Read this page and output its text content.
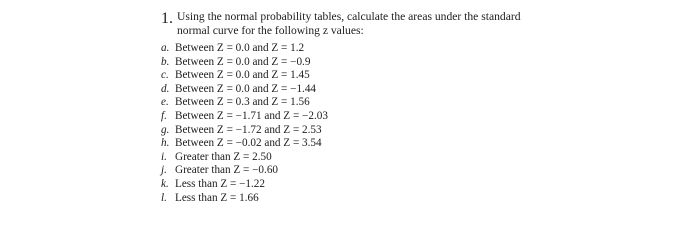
1. Using the normal probability tables, calculate the areas under the standard
normal curve for the following z values:
a. Between Z = 0.0 and Z = 1.2
b. Between Z = 0.0 and Z = −0.9
c. Between Z = 0.0 and Z = 1.45
d. Between Z = 0.0 and Z = −1.44
e. Between Z = 0.3 and Z = 1.56
f. Between Z = −1.71 and Z = −2.03
g. Between Z = −1.72 and Z = 2.53
h. Between Z = −0.02 and Z = 3.54
i. Greater than Z = 2.50
j. Greater than Z = −0.60
k. Less than Z = −1.22
l. Less than Z = 1.66
